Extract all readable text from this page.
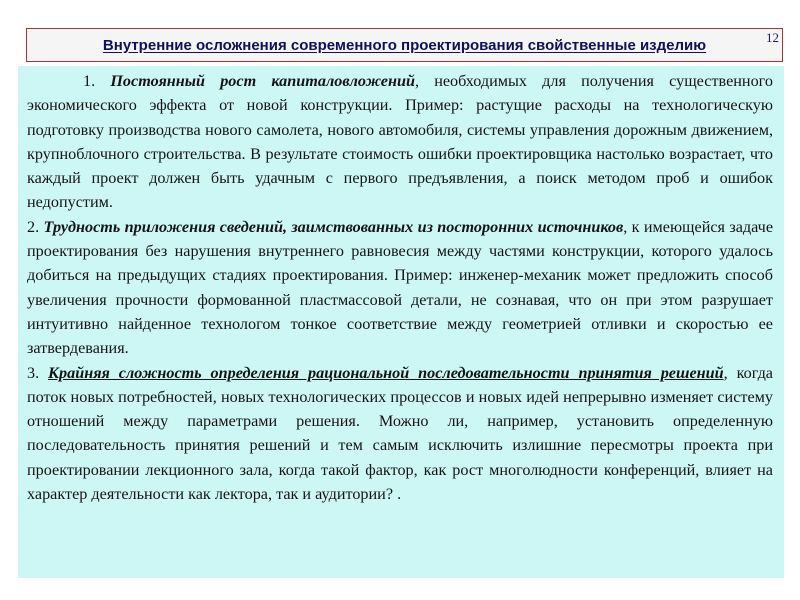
Внутренние осложнения современного проектирования свойственные изделию	12

1. Постоянный рост капиталовложений, необходимых для получения существенного экономического эффекта от новой конструкции. Пример: растущие расходы на технологическую подготовку производства нового самолета, нового автомобиля, системы управления дорожным движением, крупноблочного строительства. В результате стоимость ошибки проектировщика настолько возрастает, что каждый проект должен быть удачным с первого предъявления, а поиск методом проб и ошибок недопустим.

2. Трудность приложения сведений, заимствованных из посторонних источников, к имеющейся задаче проектирования без нарушения внутреннего равновесия между частями конструкции, которого удалось добиться на предыдущих стадиях проектирования. Пример: инженер-механик может предложить способ увеличения прочности формованной пластмассовой детали, не сознавая, что он при этом разрушает интуитивно найденное технологом тонкое соответствие между геометрией отливки и скоростью ее затвердевания.

3. Крайняя сложность определения рациональной последовательности принятия решений, когда поток новых потребностей, новых технологических процессов и новых идей непрерывно изменяет систему отношений между параметрами решения. Можно ли, например, установить определенную последовательность принятия решений и тем самым исключить излишние пересмотры проекта при проектировании лекционного зала, когда такой фактор, как рост многолюдности конференций, влияет на характер деятельности как лектора, так и аудитории? .
